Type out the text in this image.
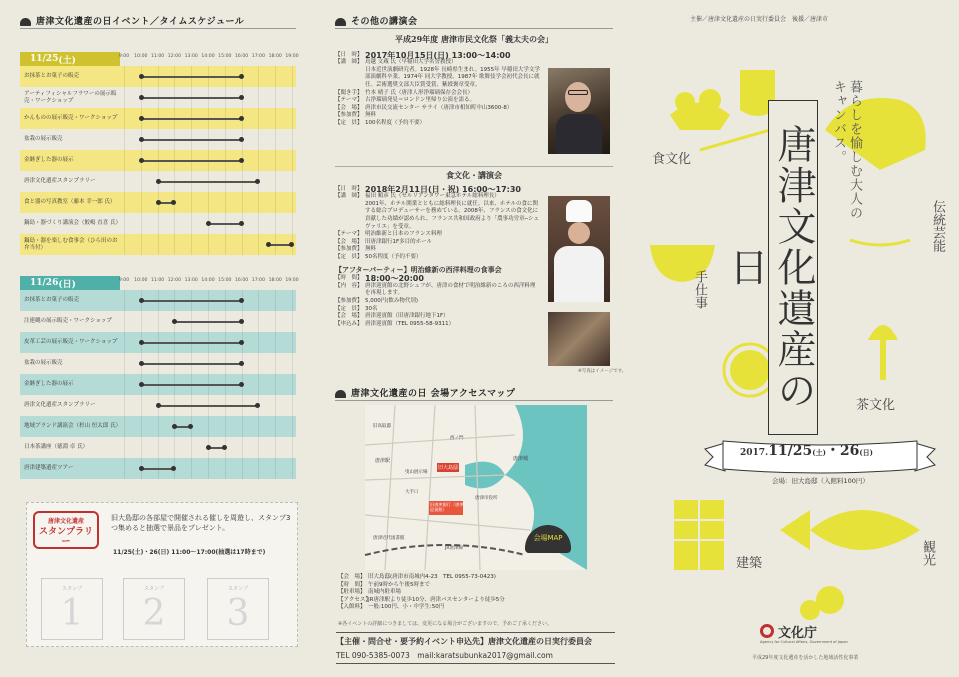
主催／唐津文化遺産の日実行委員会　後援／唐津市
唐津文化遺産の日イベント／タイムスケジュール
11/25 (土)	9:00 10:00 11:00 12:00 13:00 14:00 15:00 16:00 17:00 18:00 19:00
お抹茶とお菓子の販売
アーティフィシャルフラワーの展示販売・ワークショップ
かんものの展示販売・ワークショップ
盆栽の展示販売
金継ぎした器の展示
唐津文化遺産スタンプラリー
食と器の写真教室（藤本 幸一郎 氏）
鍋島・器づくり講演会（鮫嶋 直喜 氏）
鍋島・器を楽しむ食事会（ひら田のお弁当付）
11/26 (日)	9:00 10:00 11:00 12:00 13:00 14:00 15:00 16:00 17:00 18:00 19:00
お抹茶とお菓子の販売
注連縄の展示販売・ワークショップ
皮革工芸の展示販売・ワークショップ
盆栽の展示販売
金継ぎした器の展示
唐津文化遺産スタンプラリー
地域ブランド講演会（杉山 恒太郎 氏）
日本茶講座（徳淵 卓 氏）
唐津建築遺産ツアー
唐津文化遺産
スタンプラリー
旧大島邸の各部屋で開催される催しを周遊し、スタンプ3つ集めると抽選で景品をプレゼント。
11/25(土)・26(日) 11:00～17:00(抽選は17時まで)
スタンプ
1
スタンプ
2
スタンプ
3
その他の講演会
平成29年度 唐津市民文化祭「義太夫の会」
【日　時】 2017年10月15日(日) 13:00～14:00
【講　師】 鳥越 文蔵 氏（早稲田大学名誉教授）
日本近世演劇研究者。1928年 長崎県生まれ。1955年 早稲田大学文学部演劇科卒業、1974年 同大学教授、1987年 歌舞伎学会初代会長に就任。芸術選奨文部大臣賞受賞、紫綬褒章受章。
【聞き手】 竹本 晴子 氏（唐津人形浄瑠璃保存会会長）
【テーマ】 古浄瑠璃発見＝ロンドン里帰り公演を語る。
【会　場】 唐津市民交流センター サライ（唐津市相知町中山3600-8）
【参加費】 無料
【定　員】 100名程度（予約不要）
食文化・講演会
【日　時】 2018年2月11日(日・祝) 16:00～17:30
【講　師】 福田 順彦 氏（セルリアンタワー東急ホテル総料理長）
2001年、ホテル開業とともに総料理長に就任。以来、ホテルの食に関する総合プロデューサーを務めている。2008年、フランスの食文化に貢献した功績が認められ、フランス共和国政府より「農事功労章─シュヴァリエ」を受章。
【テーマ】 明治維新と日本のフランス料理
【会　場】 旧唐津銀行1F多目的ホール
【参加費】 無料
【定　員】 50名程度（予約不要）
【アフターパーティー】明治維新の西洋料理の食事会
【時　間】 18:00～20:00
【内　容】 唐津迎賓館の北野シェフが、唐津の食材で明治維新のころの西洋料理を再現します。
【参加費】 5,000円(飲み物代別)
【定　員】 30名
【会　場】 唐津迎賓館（旧唐津銀行地下1F）
【申込み】 唐津迎賓館（TEL 0955-58-9311）
※写真はイメージです。
唐津文化遺産の日 会場アクセスマップ
旧大島邸
旧唐津銀行（唐津迎賓館）
唐津城
唐津駅
西ノ門
大手口
唐津市役所
旧高取邸
曳山展示場
JR唐津線
唐津近代図書館	会場MAP
【会　場】 旧大島邸(唐津市南城内4-23　TEL 0955-73-0423)
【時　間】 午前9時から午後5時まで
【駐車場】 南城内駐車場
【アクセス】
JR唐津駅より徒歩10分、唐津バスセンターより徒歩5分
【入館料】 一般:100円、小・中学生:50円
※各イベントの詳細につきましては、変更になる場合がございますので、予めご了承ください。
【主催・問合せ・要予約イベント申込先】唐津文化遺産の日実行委員会
TEL 090-5385-0073　 mail:karatsubunka2017@gmail.com
唐津文化遺産の日
暮らしを愉しむ大人の
キャンバス。
食文化
伝統芸能
手仕事
茶文化
建築	観光
2017.11/25(土)・26(日)
会場：旧大島邸（入館料100円）
文化庁
Agency for Cultural Affairs, Government of Japan
平成29年度文化遺産を活かした地域活性化事業
